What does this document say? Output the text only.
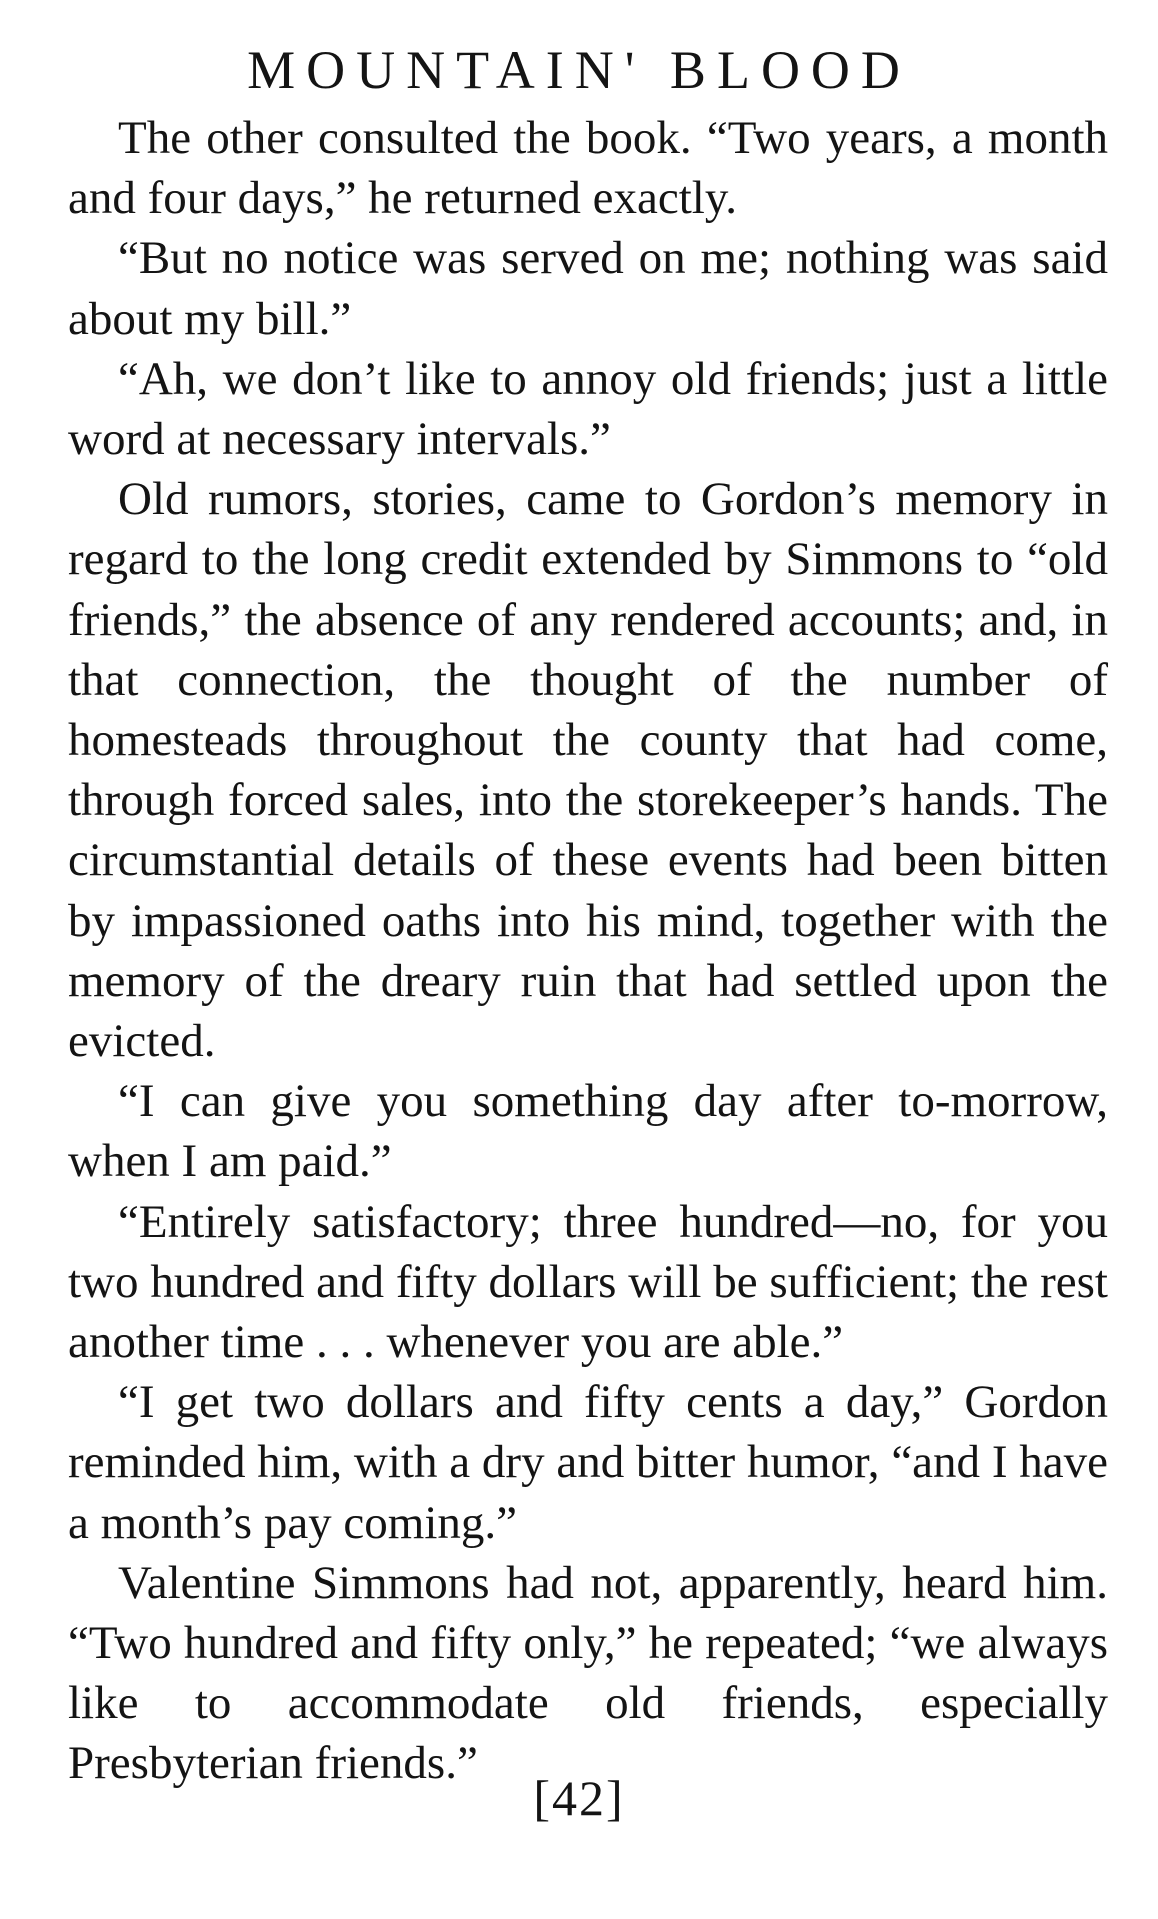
MOUNTAIN' BLOOD

The other consulted the book. “Two years, a month and four days,” he returned exactly.

“But no notice was served on me; nothing was said about my bill.”

“Ah, we don’t like to annoy old friends; just a little word at necessary intervals.”

Old rumors, stories, came to Gordon’s memory in regard to the long credit extended by Simmons to “old friends,” the absence of any rendered accounts; and, in that connection, the thought of the number of homesteads throughout the county that had come, through forced sales, into the storekeeper’s hands. The circumstantial details of these events had been bitten by impassioned oaths into his mind, together with the memory of the dreary ruin that had settled upon the evicted.

“I can give you something day after to-morrow, when I am paid.”

“Entirely satisfactory; three hundred—no, for you two hundred and fifty dollars will be sufficient; the rest another time . . . whenever you are able.”

“I get two dollars and fifty cents a day,” Gordon reminded him, with a dry and bitter humor, “and I have a month’s pay coming.”

Valentine Simmons had not, apparently, heard him. “Two hundred and fifty only,” he repeated; “we always like to accommodate old friends, especially Presbyterian friends.”

[42]
